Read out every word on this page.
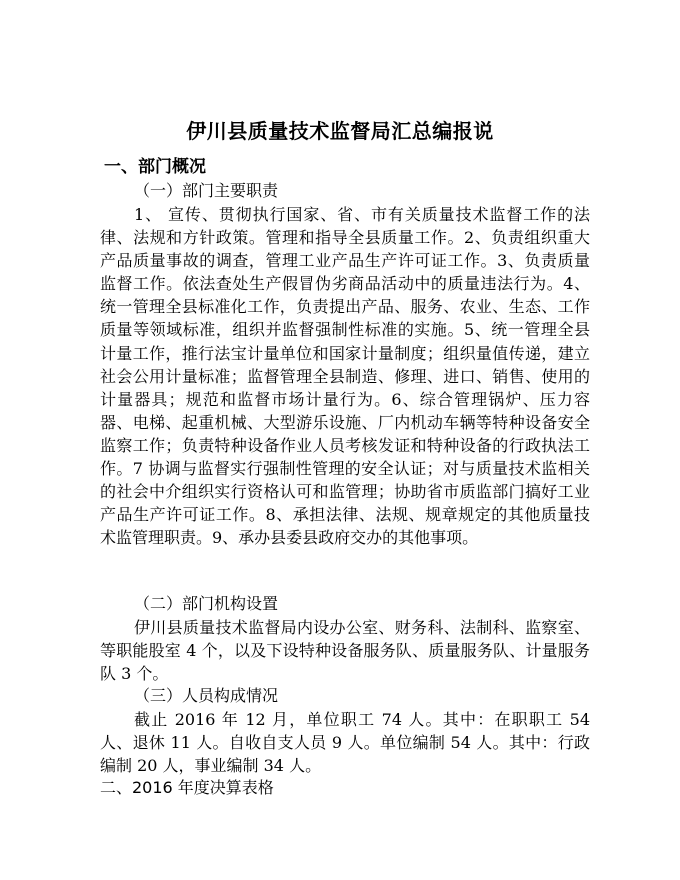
伊川县质量技术监督局汇总编报说
一、部门概况
（一）部门主要职责

1、 宣传、贯彻执行国家、省、市有关质量技术监督工作的法律、法规和方针政策。管理和指导全县质量工作。2、负责组织重大产品质量事故的调查，管理工业产品生产许可证工作。3、负责质量监督工作。依法查处生产假冒伪劣商品活动中的质量违法行为。4、统一管理全县标准化工作，负责提出产品、服务、农业、生态、工作质量等领域标准，组织并监督强制性标准的实施。5、统一管理全县计量工作，推行法宝计量单位和国家计量制度；组织量值传递，建立社会公用计量标准；监督管理全县制造、修理、进口、销售、使用的计量器具；规范和监督市场计量行为。6、综合管理锅炉、压力容器、电梯、起重机械、大型游乐设施、厂内机动车辆等特种设备安全监察工作；负责特种设备作业人员考核发证和特种设备的行政执法工作。7 协调与监督实行强制性管理的安全认证；对与质量技术监相关的社会中介组织实行资格认可和监管理；协助省市质监部门搞好工业产品生产许可证工作。8、承担法律、法规、规章规定的其他质量技术监管理职责。9、承办县委县政府交办的其他事项。

（二）部门机构设置

伊川县质量技术监督局内设办公室、财务科、法制科、监察室、等职能股室 4 个，以及下设特种设备服务队、质量服务队、计量服务队 3 个。

（三）人员构成情况

截止 2016 年 12 月，单位职工 74 人。其中：在职职工 54 人、退休 11 人。自收自支人员 9 人。单位编制 54 人。其中：行政编制 20 人，事业编制 34 人。

二、2016 年度决算表格
